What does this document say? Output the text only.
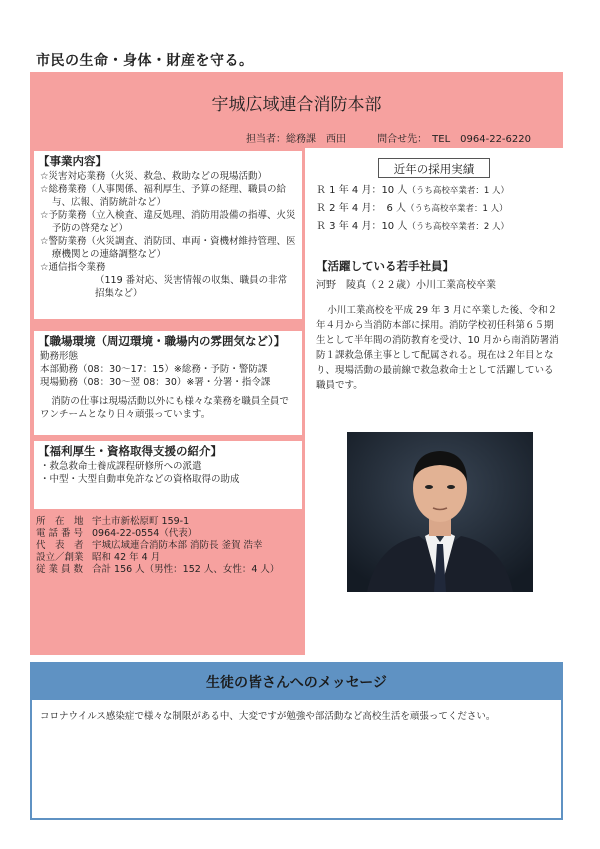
市民の生命・身体・財産を守る。
宇城広域連合消防本部
担当者：総務課　西田	問合せ先：　TEL　0964-22-6220
【事業内容】
☆災害対応業務（火災、救急、救助などの現場活動）
☆総務業務（人事関係、福利厚生、予算の経理、職員の給与、広報、消防統計など）
☆予防業務（立入検査、違反処理、消防用設備の指導、火災予防の啓発など）
☆警防業務（火災調査、消防団、車両・資機材維持管理、医療機関との連絡調整など）
☆通信指令業務
（119 番対応、災害情報の収集、職員の非常招集など）
【職場環境（周辺環境・職場内の雰囲気など）】
勤務形態
本部勤務（08：30～17：15）※総務・予防・警防課
現場勤務（08：30～翌 08：30）※署・分署・指令課
消防の仕事は現場活動以外にも様々な業務を職員全員でワンチームとなり日々頑張っています。
【福利厚生・資格取得支援の紹介】
・救急救命士養成課程研修所への派遣
・中型・大型自動車免許などの資格取得の助成
所　在　地 宇土市新松原町 159-1
電 話 番 号 0964-22-0554（代表）
代　表　者 宇城広域連合消防本部 消防長 釜賀 浩幸
設立／創業 昭和 42 年 4 月
従 業 員 数 合計 156 人（男性：152 人、女性：4 人）
近年の採用実績
Ｒ 1 年 4 月：10 人（うち高校卒業者：1 人）
Ｒ 2 年 4 月：　6 人（うち高校卒業者：1 人）
Ｒ 3 年 4 月：10 人（うち高校卒業者：2 人）
【活躍している若手社員】
河野　陵真（２２歳）小川工業高校卒業
小川工業高校を平成 29 年 3 月に卒業した後、令和２年４月から当消防本部に採用。消防学校初任科第６５期生として半年間の消防教育を受け、10 月から南消防署消防１課救急係主事として配属される。現在は２年目となり、現場活動の最前線で救急救命士として活躍している職員です。
生徒の皆さんへのメッセージ
コロナウイルス感染症で様々な制限がある中、大変ですが勉強や部活動など高校生活を頑張ってください。
